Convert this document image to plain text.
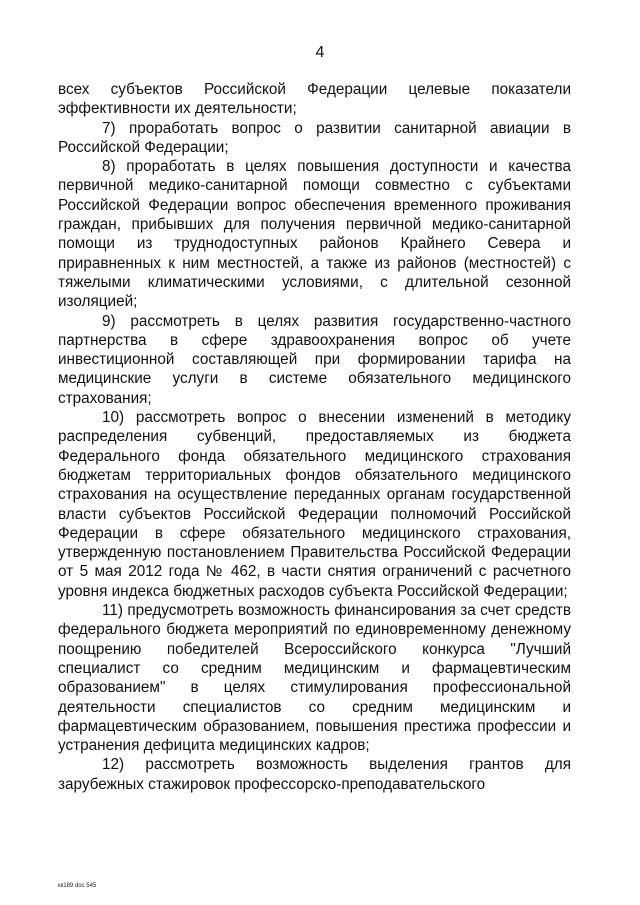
4

всех субъектов Российской Федерации целевые показатели эффективности их деятельности;

7) проработать вопрос о развитии санитарной авиации в Российской Федерации;

8) проработать в целях повышения доступности и качества первичной медико-санитарной помощи совместно с субъектами Российской Федерации вопрос обеспечения временного проживания граждан, прибывших для получения первичной медико-санитарной помощи из труднодоступных районов Крайнего Севера и приравненных к ним местностей, а также из районов (местностей) с тяжелыми климатическими условиями, с длительной сезонной изоляцией;

9) рассмотреть в целях развития государственно-частного партнерства в сфере здравоохранения вопрос об учете инвестиционной составляющей при формировании тарифа на медицинские услуги в системе обязательного медицинского страхования;

10) рассмотреть вопрос о внесении изменений в методику распределения субвенций, предоставляемых из бюджета Федерального фонда обязательного медицинского страхования бюджетам территориальных фондов обязательного медицинского страхования на осуществление переданных органам государственной власти субъектов Российской Федерации полномочий Российской Федерации в сфере обязательного медицинского страхования, утвержденную постановлением Правительства Российской Федерации от 5 мая 2012 года № 462, в части снятия ограничений с расчетного уровня индекса бюджетных расходов субъекта Российской Федерации;

11) предусмотреть возможность финансирования за счет средств федерального бюджета мероприятий по единовременному денежному поощрению победителей Всероссийского конкурса "Лучший специалист со средним медицинским и фармацевтическим образованием" в целях стимулирования профессиональной деятельности специалистов со средним медицинским и фармацевтическим образованием, повышения престижа профессии и устранения дефицита медицинских кадров;

12) рассмотреть возможность выделения грантов для зарубежных стажировок профессорско-преподавательского

кк189 doc 545
